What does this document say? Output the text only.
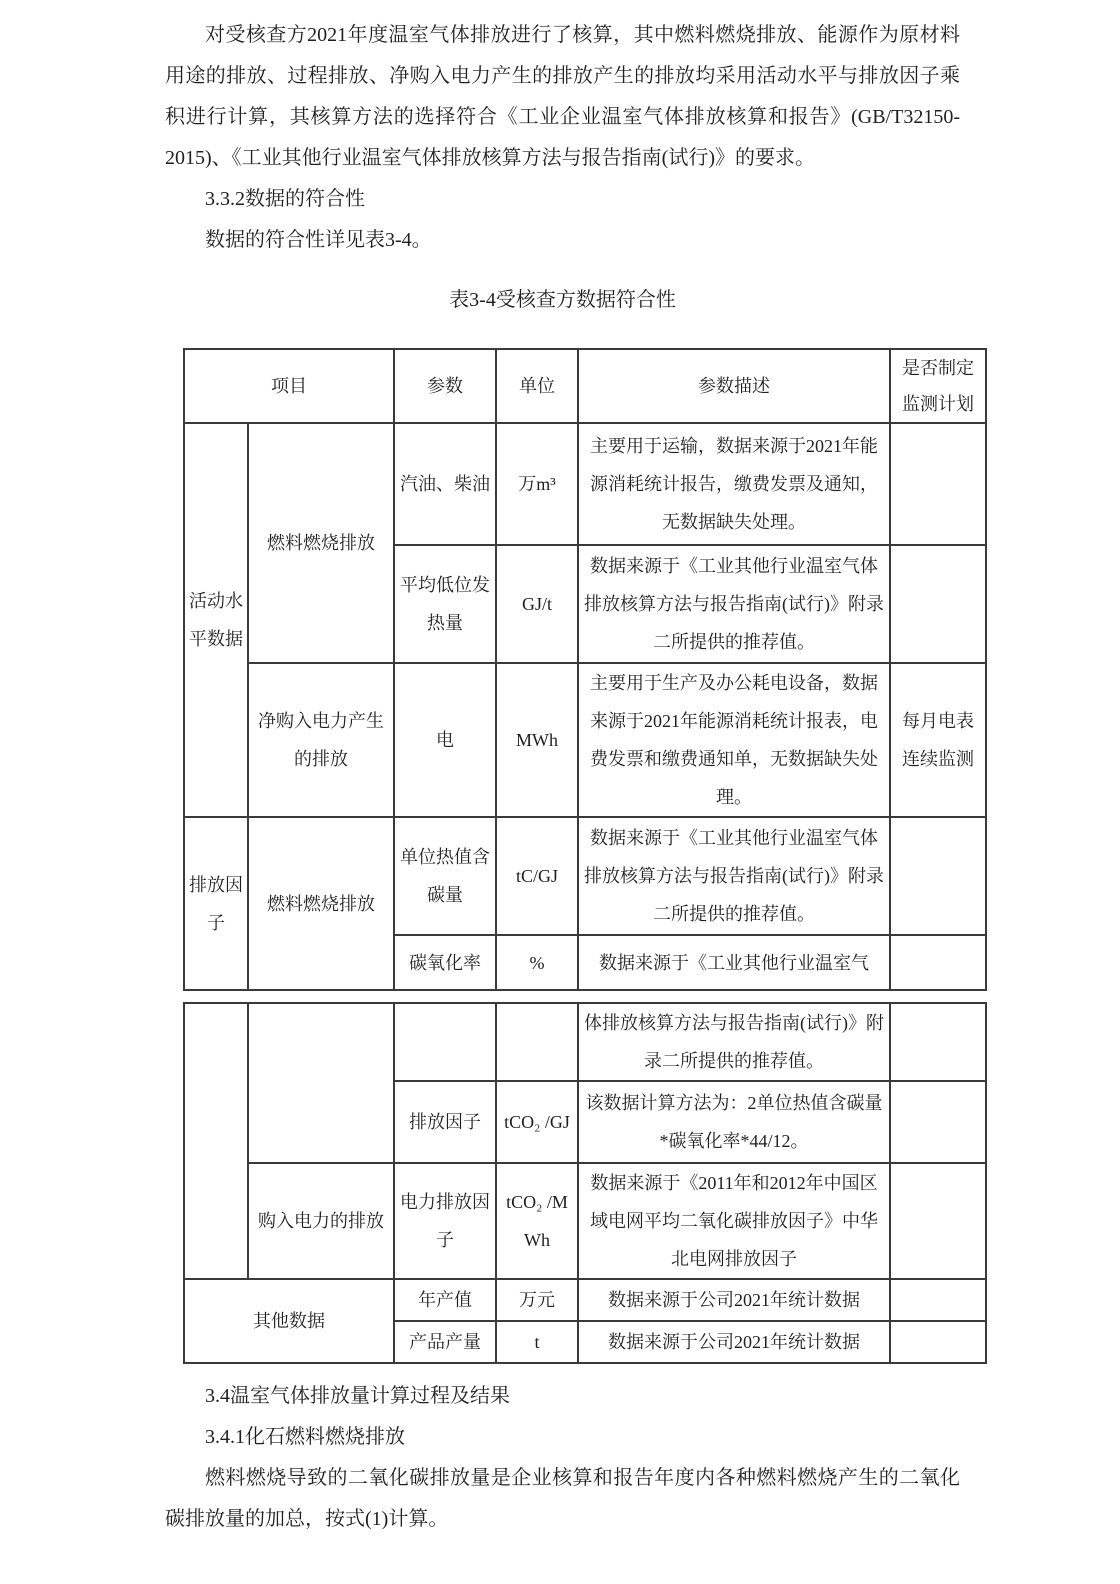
对受核查方2021年度温室气体排放进行了核算，其中燃料燃烧排放、能源作为原材料用途的排放、过程排放、净购入电力产生的排放产生的排放均采用活动水平与排放因子乘积进行计算，其核算方法的选择符合《工业企业温室气体排放核算和报告》(GB/T32150-2015)、《工业其他行业温室气体排放核算方法与报告指南(试行)》的要求。

3.3.2数据的符合性

数据的符合性详见表3-4。

表3-4受核查方数据符合性

项目		参数	单位	参数描述	是否制定监测计划
活动水平数据	燃料燃烧排放	汽油、柴油	万m³	主要用于运输，数据来源于2021年能源消耗统计报告，缴费发票及通知，无数据缺失处理。	
		平均低位发热量	GJ/t	数据来源于《工业其他行业温室气体排放核算方法与报告指南(试行)》附录二所提供的推荐值。	
	净购入电力产生的排放	电	MWh	主要用于生产及办公耗电设备，数据来源于2021年能源消耗统计报表，电费发票和缴费通知单，无数据缺失处理。	每月电表连续监测
排放因子	燃料燃烧排放	单位热值含碳量	tC/GJ	数据来源于《工业其他行业温室气体排放核算方法与报告指南(试行)》附录二所提供的推荐值。	
		碳氧化率	%	数据来源于《工业其他行业温室气	
				体排放核算方法与报告指南(试行)》附录二所提供的推荐值。	
		排放因子	tCO₂ /GJ	该数据计算方法为：2单位热值含碳量*碳氧化率*44/12。	
	购入电力的排放	电力排放因子	tCO₂ /MWh	数据来源于《2011年和2012年中国区域电网平均二氧化碳排放因子》中华北电网排放因子	
其他数据		年产值	万元	数据来源于公司2021年统计数据	
		产品产量	t	数据来源于公司2021年统计数据	

3.4温室气体排放量计算过程及结果

3.4.1化石燃料燃烧排放

燃料燃烧导致的二氧化碳排放量是企业核算和报告年度内各种燃料燃烧产生的二氧化碳排放量的加总，按式(1)计算。
